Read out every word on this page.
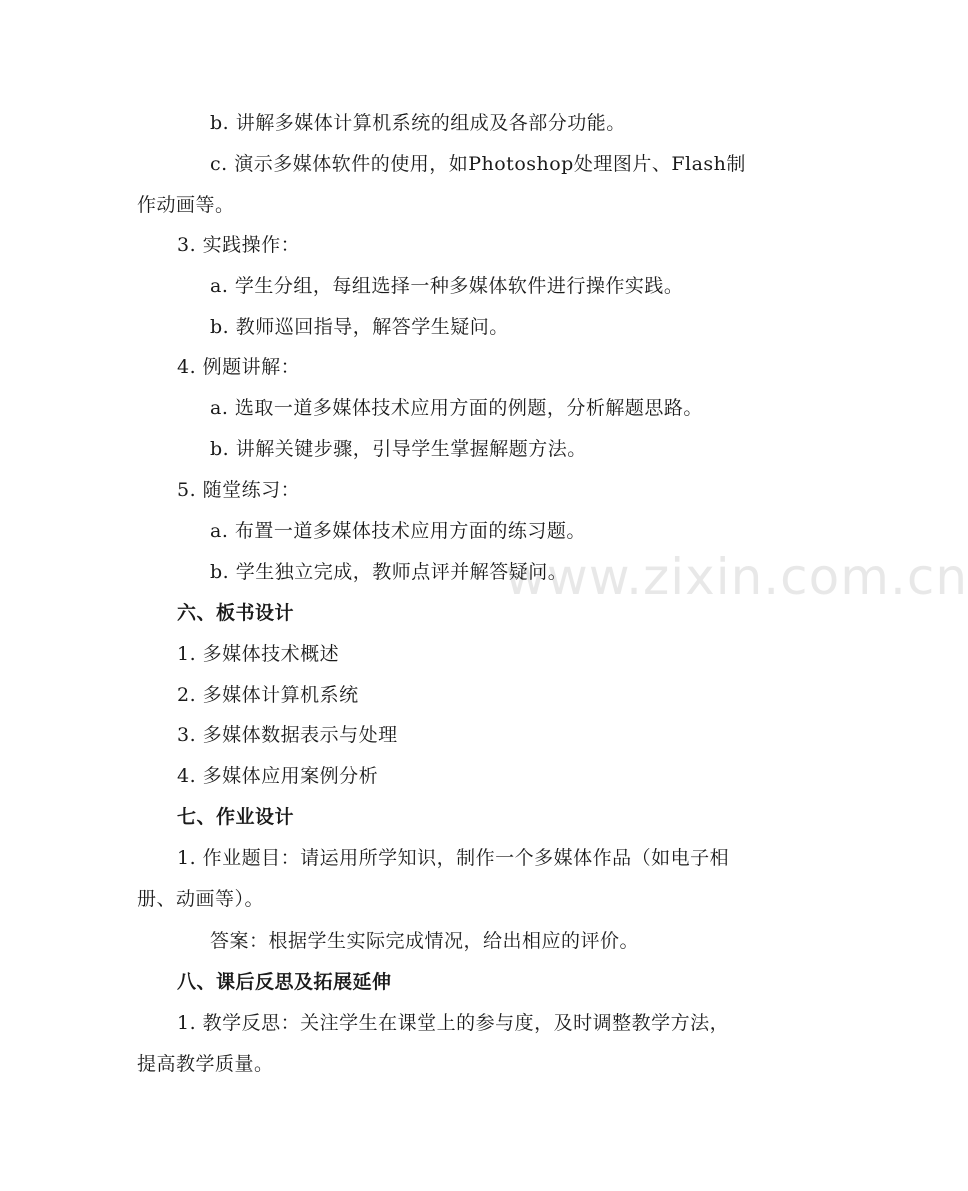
b. 讲解多媒体计算机系统的组成及各部分功能。
c. 演示多媒体软件的使用，如Photoshop处理图片、Flash制
作动画等。
3. 实践操作：
a. 学生分组，每组选择一种多媒体软件进行操作实践。
b. 教师巡回指导，解答学生疑问。
4. 例题讲解：
a. 选取一道多媒体技术应用方面的例题，分析解题思路。
b. 讲解关键步骤，引导学生掌握解题方法。
5. 随堂练习：
a. 布置一道多媒体技术应用方面的练习题。
b. 学生独立完成，教师点评并解答疑问。
六、板书设计
1. 多媒体技术概述
2. 多媒体计算机系统
3. 多媒体数据表示与处理
4. 多媒体应用案例分析
七、作业设计
1. 作业题目：请运用所学知识，制作一个多媒体作品（如电子相
册、动画等）。
答案：根据学生实际完成情况，给出相应的评价。
八、课后反思及拓展延伸
1. 教学反思：关注学生在课堂上的参与度，及时调整教学方法，
提高教学质量。
www.zixin.com.cn
